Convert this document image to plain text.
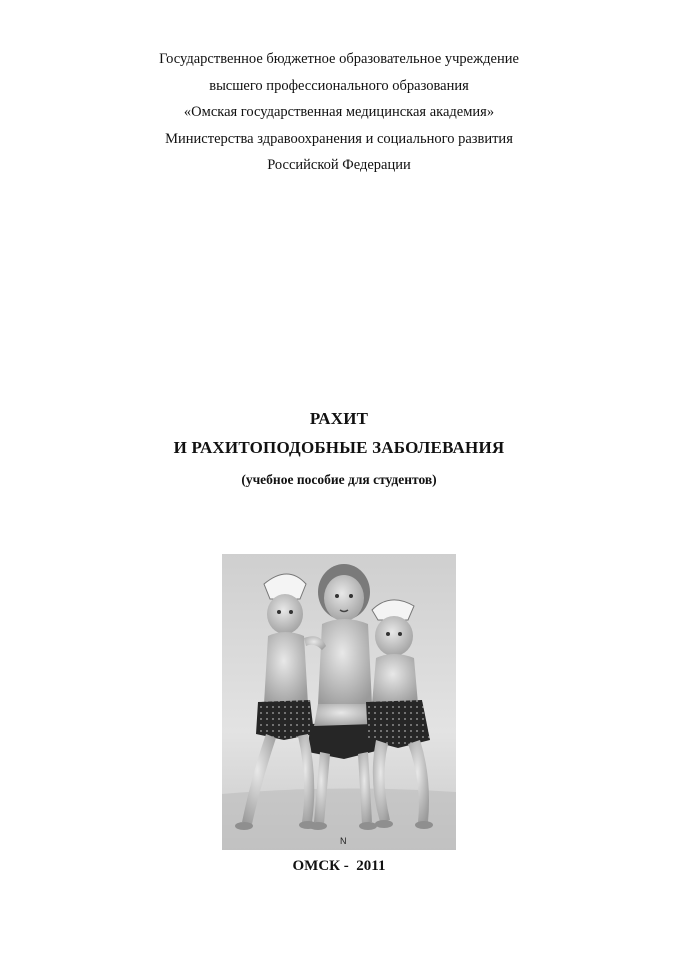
Государственное бюджетное образовательное учреждение
высшего профессионального образования
«Омская государственная медицинская академия»
Министерства здравоохранения и социального развития
Российской Федерации
РАХИТ
И РАХИТОПОДОБНЫЕ ЗАБОЛЕВАНИЯ
(учебное пособие для студентов)
N
ОМСК -  2011
